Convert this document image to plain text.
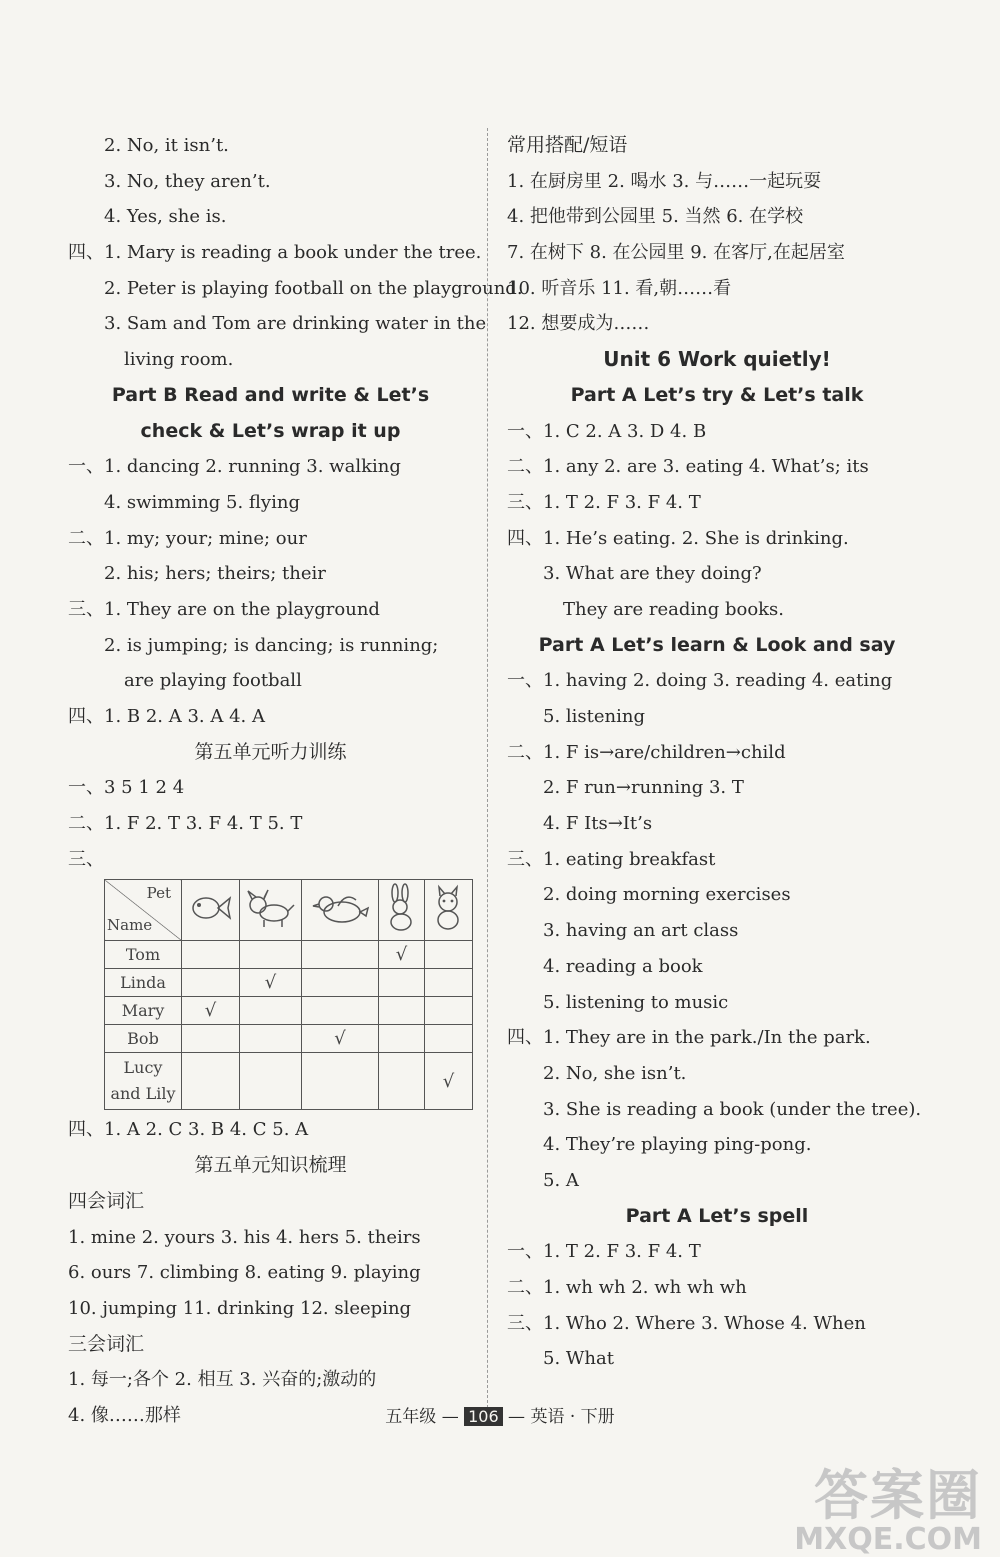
2. No, it isn’t.
3. No, they aren’t.
4. Yes, she is.
四、1. Mary is reading a book under the tree.
2. Peter is playing football on the playground.
3. Sam and Tom are drinking water in the
living room.
Part B Read and write & Let’s
check & Let’s wrap it up
一、1. dancing 2. running 3. walking
4. swimming 5. flying
二、1. my; your; mine; our
2. his; hers; theirs; their
三、1. They are on the playground
2. is jumping; is dancing; is running;
are playing football
四、1. B 2. A 3. A 4. A
第五单元听力训练
一、3 5 1 2 4
二、1. F 2. T 3. F 4. T 5. T
三、
Pet
Name

Tom				√	
Linda		√			
Mary	√				
Bob			√		
Lucy and Lily					√
四、1. A 2. C 3. B 4. C 5. A
第五单元知识梳理
四会词汇
1. mine 2. yours 3. his 4. hers 5. theirs
6. ours 7. climbing 8. eating 9. playing
10. jumping 11. drinking 12. sleeping
三会词汇
1. 每一;各个 2. 相互 3. 兴奋的;激动的
4. 像……那样
常用搭配/短语
1. 在厨房里 2. 喝水 3. 与……一起玩耍
4. 把他带到公园里 5. 当然 6. 在学校
7. 在树下 8. 在公园里 9. 在客厅,在起居室
10. 听音乐 11. 看,朝……看
12. 想要成为……
Unit 6 Work quietly!
Part A Let’s try & Let’s talk
一、1. C 2. A 3. D 4. B
二、1. any 2. are 3. eating 4. What’s; its
三、1. T 2. F 3. F 4. T
四、1. He’s eating. 2. She is drinking.
3. What are they doing?
They are reading books.
Part A Let’s learn & Look and say
一、1. having 2. doing 3. reading 4. eating
5. listening
二、1. F is→are/children→child
2. F run→running 3. T
4. F Its→It’s
三、1. eating breakfast
2. doing morning exercises
3. having an art class
4. reading a book
5. listening to music
四、1. They are in the park./In the park.
2. No, she isn’t.
3. She is reading a book (under the tree).
4. They’re playing ping-pong.
5. A
Part A Let’s spell
一、1. T 2. F 3. F 4. T
二、1. wh wh 2. wh wh wh
三、1. Who 2. Where 3. Whose 4. When
5. What
五年级 — 106 — 英语 · 下册
答案圈
MXQE.COM
